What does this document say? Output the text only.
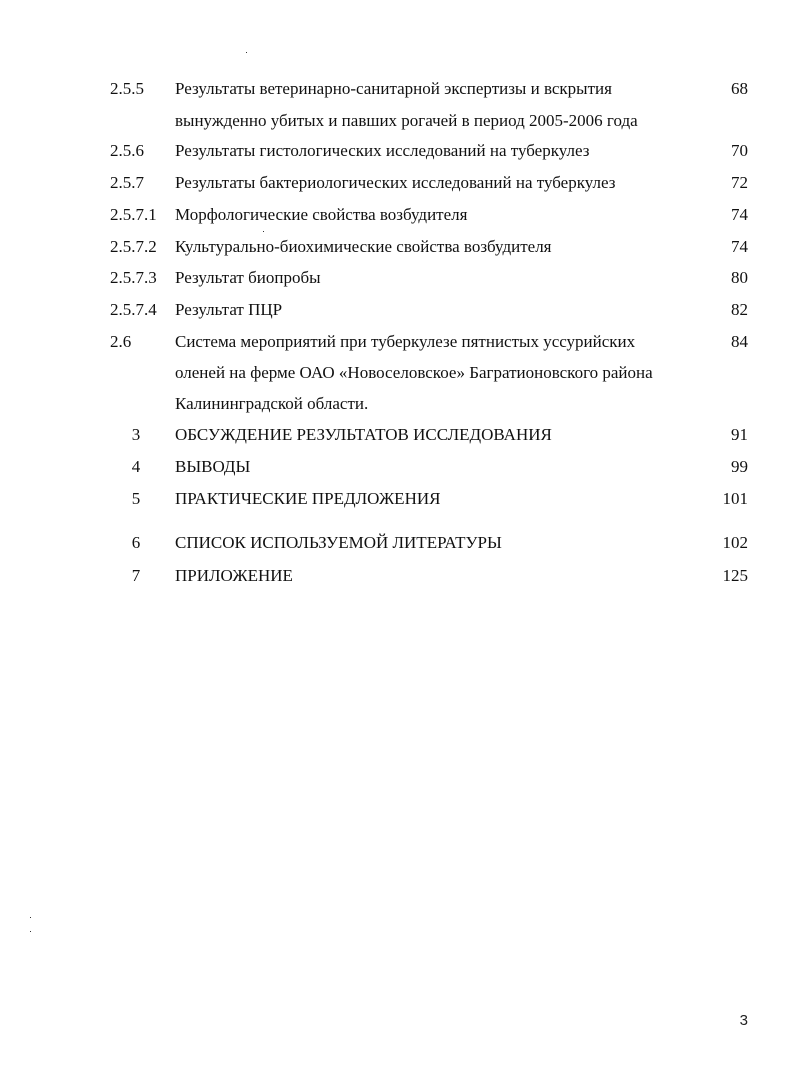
2.5.5 Результаты ветеринарно-санитарной экспертизы и вскрытия	68
вынужденно убитых и павших рогачей в период 2005-2006 года
2.5.6 Результаты гистологических исследований на туберкулез	70
2.5.7 Результаты бактериологических исследований на туберкулез	72
2.5.7.1 Морфологические свойства возбудителя	74
2.5.7.2 Культурально-биохимические свойства возбудителя	74
2.5.7.3 Результат биопробы	80
2.5.7.4 Результат ПЦР	82
2.6	Система мероприятий при туберкулезе пятнистых уссурийских	84
оленей на ферме ОАО «Новоселовское» Багратионовского района
Калининградской области.
3 ОБСУЖДЕНИЕ РЕЗУЛЬТАТОВ ИССЛЕДОВАНИЯ	91
4 ВЫВОДЫ	99
5 ПРАКТИЧЕСКИЕ ПРЕДЛОЖЕНИЯ	101
6 СПИСОК ИСПОЛЬЗУЕМОЙ ЛИТЕРАТУРЫ	102
7 ПРИЛОЖЕНИЕ	125
3
